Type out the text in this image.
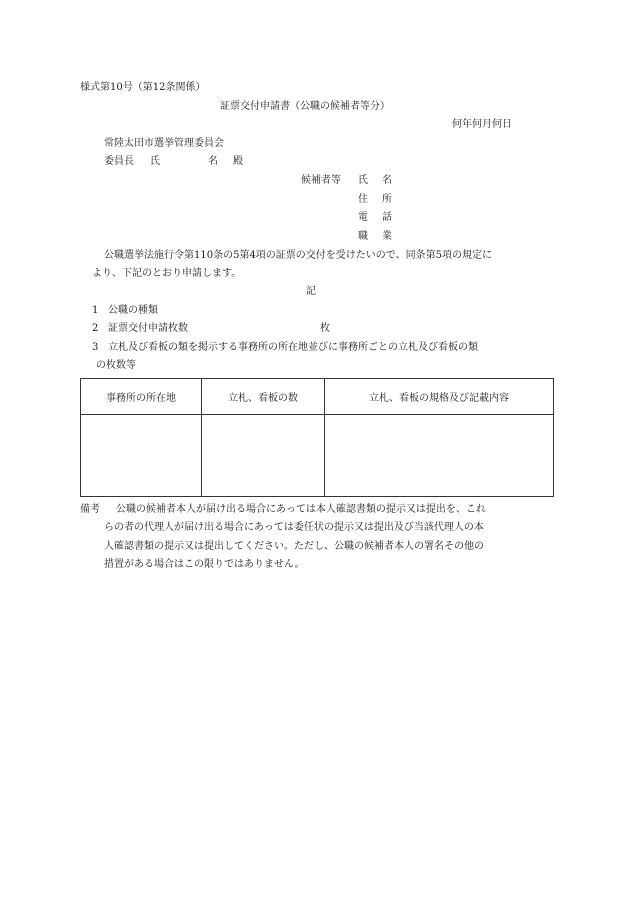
様式第10号（第12条関係）
証票交付申請書（公職の候補者等分）
何年何月何日
常陸太田市選挙管理委員会
委員長 氏	名 殿
候補者等 氏 名
住 所
電 話
職 業
公職選挙法施行令第110条の5第4項の証票の交付を受けたいので、同条第5項の規定に
より、下記のとおり申請します。
記
1 公職の種類
2 証票交付申請枚数	枚
3 立札及び看板の類を掲示する事務所の所在地並びに事務所ごとの立札及び看板の類
の枚数等
事務所の所在地	立札、看板の数	立札、看板の規格及び記載内容

備考 公職の候補者本人が届け出る場合にあっては本人確認書類の提示又は提出を、これ
らの者の代理人が届け出る場合にあっては委任状の提示又は提出及び当該代理人の本
人確認書類の提示又は提出してください。ただし、公職の候補者本人の署名その他の
措置がある場合はこの限りではありません。
